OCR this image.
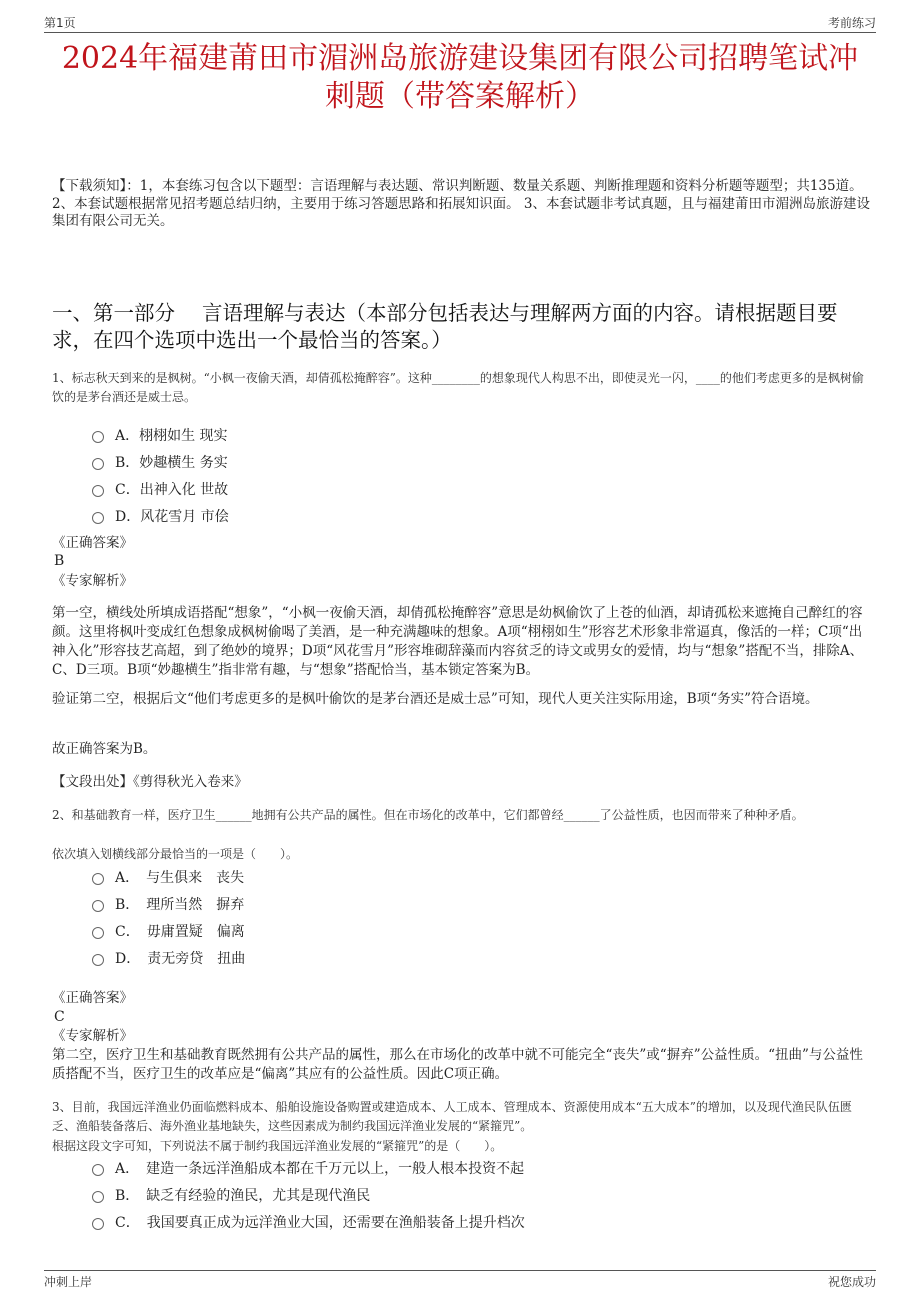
第1页	考前练习
2024年福建莆田市湄洲岛旅游建设集团有限公司招聘笔试冲刺题（带答案解析）
【下载须知】：1，本套练习包含以下题型：言语理解与表达题、常识判断题、数量关系题、判断推理题和资料分析题等题型；共135道。 2、本套试题根据常见招考题总结归纳，主要用于练习答题思路和拓展知识面。 3、本套试题非考试真题，且与福建莆田市湄洲岛旅游建设集团有限公司无关。
一、第一部分　 言语理解与表达（本部分包括表达与理解两方面的内容。请根据题目要求，在四个选项中选出一个最恰当的答案。）
1、标志秋天到来的是枫树。“小枫一夜偷天酒，却倩孤松掩醉容”。这种________的想象现代人构思不出，即使灵光一闪，____的他们考虑更多的是枫树偷饮的是茅台酒还是威士忌。
A．栩栩如生 现实
B．妙趣横生 务实
C．出神入化 世故
D．风花雪月 市侩
《正确答案》
B
《专家解析》
第一空，横线处所填成语搭配“想象”，“小枫一夜偷天酒，却倩孤松掩醉容”意思是幼枫偷饮了上苍的仙酒，却请孤松来遮掩自己醉红的容颜。这里将枫叶变成红色想象成枫树偷喝了美酒，是一种充满趣味的想象。A项“栩栩如生”形容艺术形象非常逼真，像活的一样；C项“出神入化”形容技艺高超，到了绝妙的境界；D项“风花雪月”形容堆砌辞藻而内容贫乏的诗文或男女的爱情，均与“想象”搭配不当，排除A、C、D三项。B项“妙趣横生”指非常有趣，与“想象”搭配恰当，基本锁定答案为B。
验证第二空，根据后文“他们考虑更多的是枫叶偷饮的是茅台酒还是威士忌”可知，现代人更关注实际用途，B项“务实”符合语境。
故正确答案为B。
【文段出处】《剪得秋光入卷来》
2、和基础教育一样，医疗卫生______地拥有公共产品的属性。但在市场化的改革中，它们都曾经______了公益性质，也因而带来了种种矛盾。
依次填入划横线部分最恰当的一项是（　　）。
A．　与生俱来　丧失
B．　理所当然　摒弃
C．　毋庸置疑　偏离
D．　责无旁贷　扭曲
《正确答案》
C
《专家解析》
第二空，医疗卫生和基础教育既然拥有公共产品的属性，那么在市场化的改革中就不可能完全“丧失”或“摒弃”公益性质。“扭曲”与公益性质搭配不当，医疗卫生的改革应是“偏离”其应有的公益性质。因此C项正确。
3、目前，我国远洋渔业仍面临燃料成本、船舶设施设备购置或建造成本、人工成本、管理成本、资源使用成本“五大成本”的增加，以及现代渔民队伍匮乏、渔船装备落后、海外渔业基地缺失，这些因素成为制约我国远洋渔业发展的“紧箍咒”。
根据这段文字可知，下列说法不属于制约我国远洋渔业发展的“紧箍咒”的是（　　）。
A．　建造一条远洋渔船成本都在千万元以上，一般人根本投资不起
B．　缺乏有经验的渔民，尤其是现代渔民
C．　我国要真正成为远洋渔业大国，还需要在渔船装备上提升档次
冲刺上岸	祝您成功
